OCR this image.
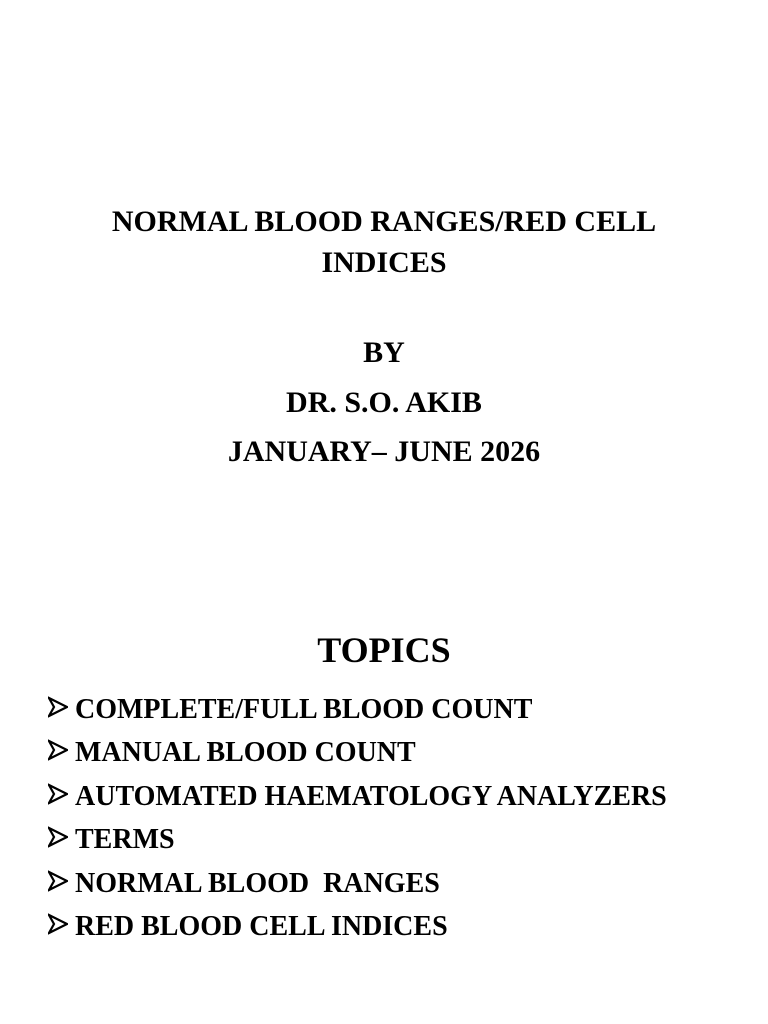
NORMAL BLOOD RANGES/RED CELL
INDICES

BY

DR. S.O. AKIB

JANUARY– JUNE 2026

TOPICS
COMPLETE/FULL BLOOD COUNT
MANUAL BLOOD COUNT
AUTOMATED HAEMATOLOGY ANALYZERS
TERMS
NORMAL BLOOD  RANGES
RED BLOOD CELL INDICES
